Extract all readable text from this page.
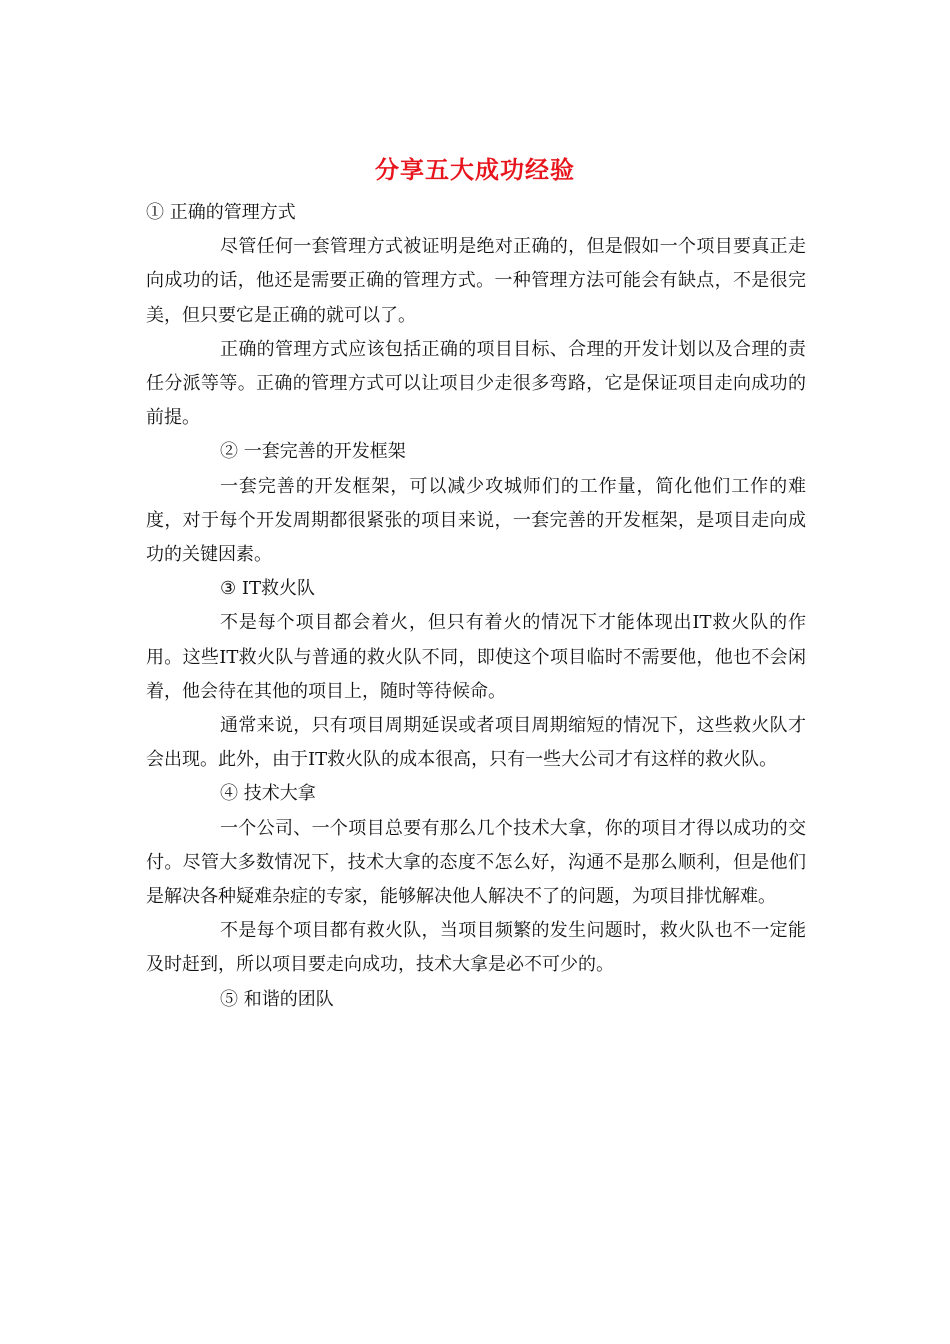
分享五大成功经验

① 正确的管理方式

尽管任何一套管理方式被证明是绝对正确的，但是假如一个项目要真正走向成功的话，他还是需要正确的管理方式。一种管理方法可能会有缺点，不是很完美，但只要它是正确的就可以了。

正确的管理方式应该包括正确的项目目标、合理的开发计划以及合理的责任分派等等。正确的管理方式可以让项目少走很多弯路，它是保证项目走向成功的前提。

② 一套完善的开发框架

一套完善的开发框架，可以减少攻城师们的工作量，简化他们工作的难度，对于每个开发周期都很紧张的项目来说，一套完善的开发框架，是项目走向成功的关键因素。

③ IT救火队

不是每个项目都会着火，但只有着火的情况下才能体现出IT救火队的作用。这些IT救火队与普通的救火队不同，即使这个项目临时不需要他，他也不会闲着，他会待在其他的项目上，随时等待候命。

通常来说，只有项目周期延误或者项目周期缩短的情况下，这些救火队才会出现。此外，由于IT救火队的成本很高，只有一些大公司才有这样的救火队。

④ 技术大拿

一个公司、一个项目总要有那么几个技术大拿，你的项目才得以成功的交付。尽管大多数情况下，技术大拿的态度不怎么好，沟通不是那么顺利，但是他们是解决各种疑难杂症的专家，能够解决他人解决不了的问题，为项目排忧解难。

不是每个项目都有救火队，当项目频繁的发生问题时，救火队也不一定能及时赶到，所以项目要走向成功，技术大拿是必不可少的。

⑤ 和谐的团队
